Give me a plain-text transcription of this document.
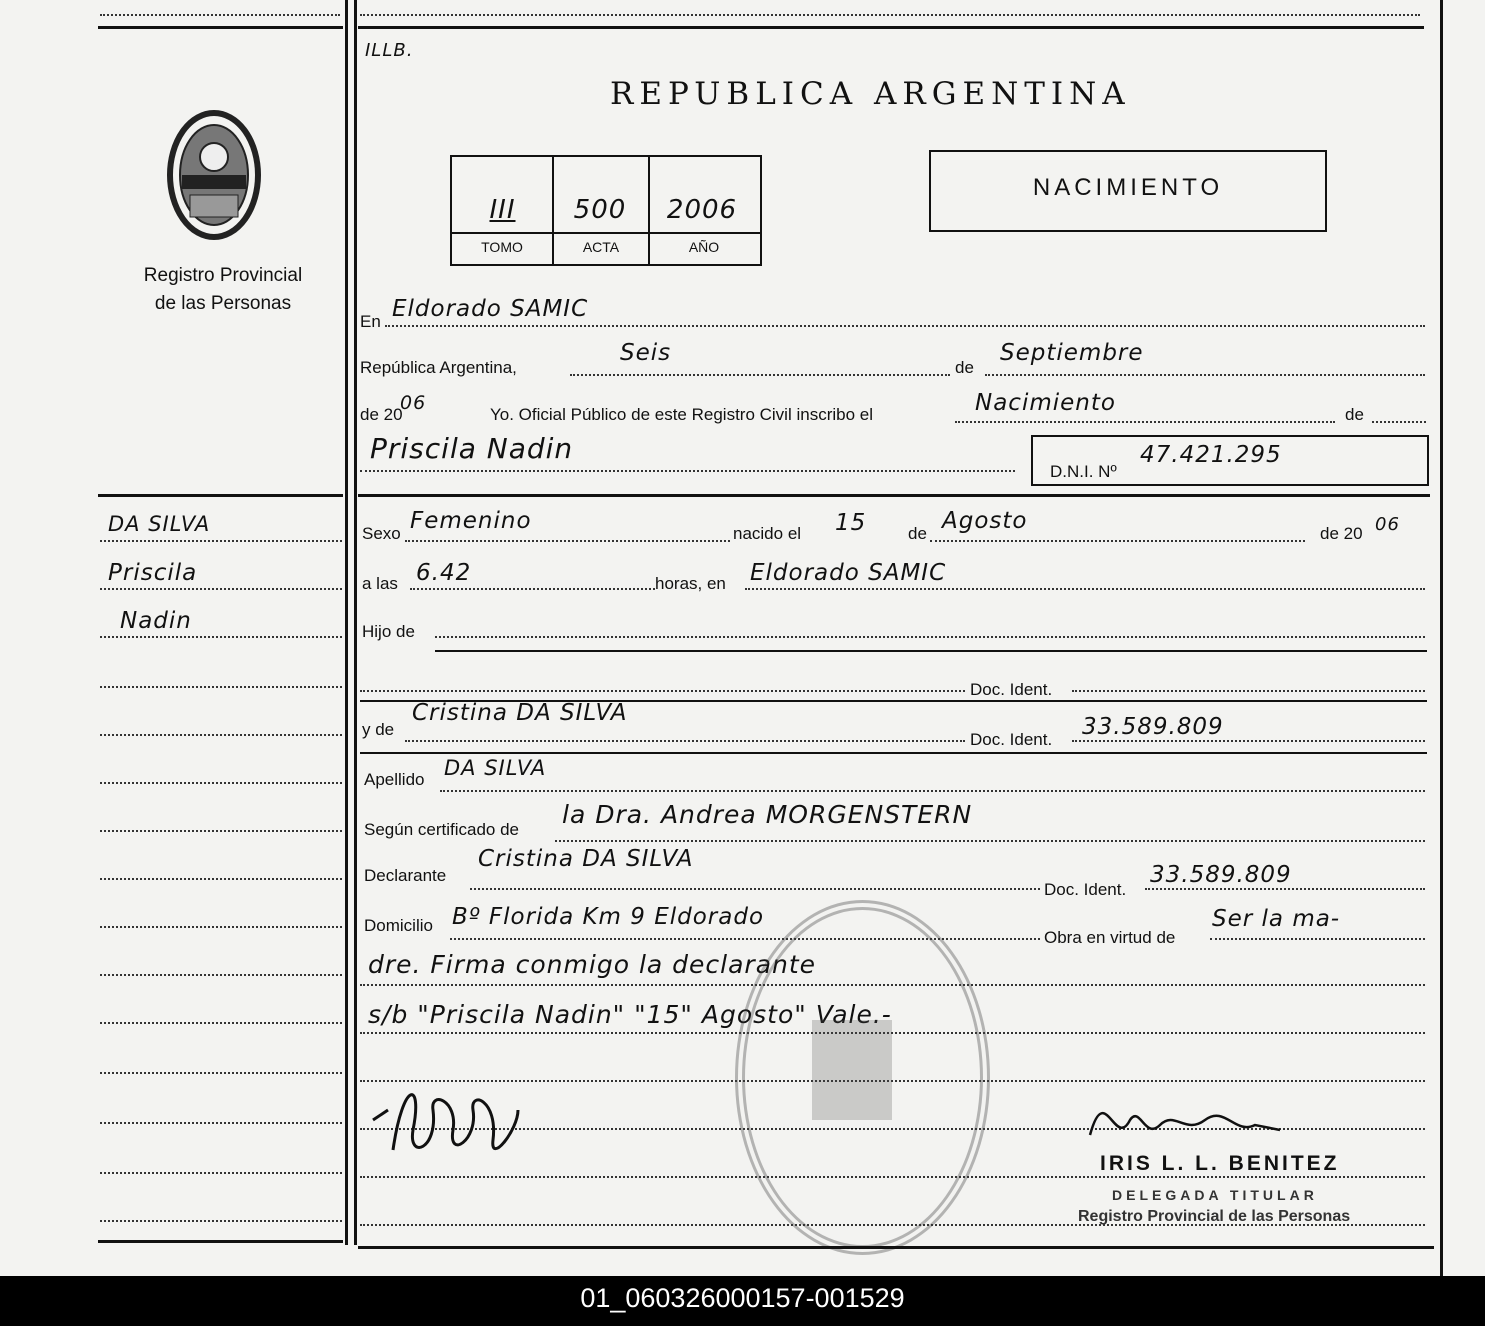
Registro Provincial
de las Personas
ILLB.
REPUBLICA ARGENTINA
III	500	2006
TOMO	ACTA	AÑO
NACIMIENTO
En Eldorado SAMIC
República Argentina,
Seis
de
Septiembre
de 20
06
Yo. Oficial Público de este Registro Civil inscribo el	Nacimiento	de
Priscila Nadin
D.N.I. Nº
47.421.295
DA SILVA
Priscila
Nadin
Sexo Femenino	nacido el 15 de Agosto	de 20 06
a las 6.42	horas, en Eldorado SAMIC
Hijo de
Doc. Ident.
y de
Cristina DA SILVA
Doc. Ident. 33.589.809
Apellido DA SILVA
Según certificado de
la Dra. Andrea MORGENSTERN
Declarante
Cristina DA SILVA
Doc. Ident.
33.589.809
Domicilio Bº Florida Km 9 Eldorado
Obra en virtud de
Ser la ma-
dre. Firma conmigo la declarante
s/b "Priscila Nadin" "15" Agosto" Vale.-
IRIS L. L. BENITEZ
DELEGADA TITULAR
Registro Provincial de las Personas
01_060326000157-001529
